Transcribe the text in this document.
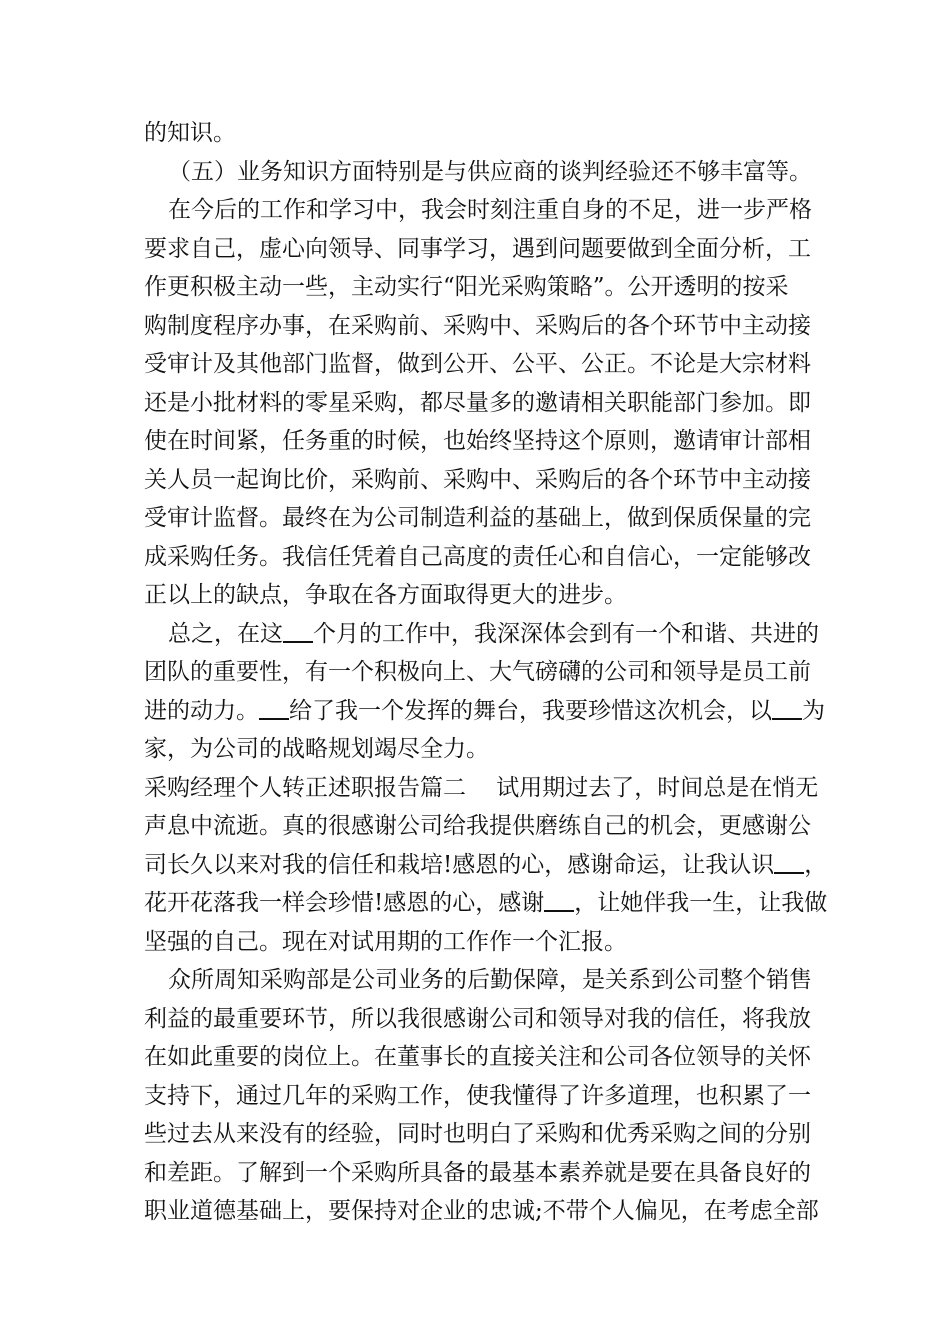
的知识。
（五）业务知识方面特别是与供应商的谈判经验还不够丰富等。
在今后的工作和学习中，我会时刻注重自身的不足，进一步严格
要求自己，虚心向领导、同事学习，遇到问题要做到全面分析，工
作更积极主动一些，主动实行“阳光采购策略”。公开透明的按采
购制度程序办事，在采购前、采购中、采购后的各个环节中主动接
受审计及其他部门监督，做到公开、公平、公正。不论是大宗材料
还是小批材料的零星采购，都尽量多的邀请相关职能部门参加。即
使在时间紧，任务重的时候，也始终坚持这个原则，邀请审计部相
关人员一起询比价，采购前、采购中、采购后的各个环节中主动接
受审计监督。最终在为公司制造利益的基础上，做到保质保量的完
成采购任务。我信任凭着自己高度的责任心和自信心，一定能够改
正以上的缺点，争取在各方面取得更大的进步。
总之，在这 个月的工作中，我深深体会到有一个和谐、共进的
团队的重要性，有一个积极向上、大气磅礴的公司和领导是员工前
进的动力。 给了我一个发挥的舞台，我要珍惜这次机会，以 为
家，为公司的战略规划竭尽全力。
采购经理个人转正述职报告篇二　 试用期过去了，时间总是在悄无
声息中流逝。真的很感谢公司给我提供磨练自己的机会，更感谢公
司长久以来对我的信任和栽培!感恩的心，感谢命运，让我认识 ，
花开花落我一样会珍惜!感恩的心，感谢 ，让她伴我一生，让我做
坚强的自己。现在对试用期的工作作一个汇报。
众所周知采购部是公司业务的后勤保障，是关系到公司整个销售
利益的最重要环节，所以我很感谢公司和领导对我的信任，将我放
在如此重要的岗位上。在董事长的直接关注和公司各位领导的关怀
支持下，通过几年的采购工作，使我懂得了许多道理，也积累了一
些过去从来没有的经验，同时也明白了采购和优秀采购之间的分别
和差距。了解到一个采购所具备的最基本素养就是要在具备良好的
职业道德基础上，要保持对企业的忠诚;不带个人偏见，在考虑全部
